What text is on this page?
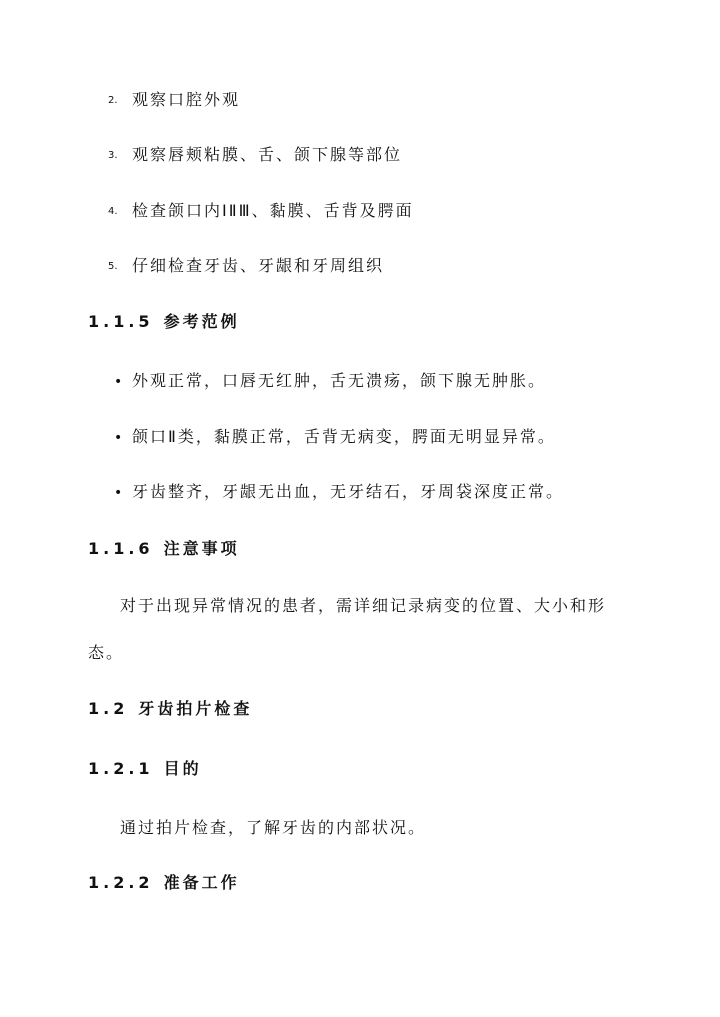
2. 观察口腔外观
3. 观察唇颊粘膜、舌、颌下腺等部位
4. 检查颌口内ⅠⅡⅢ、黏膜、舌背及腭面
5. 仔细检查牙齿、牙龈和牙周组织
1.1.5 参考范例
• 外观正常，口唇无红肿，舌无溃疡，颌下腺无肿胀。
• 颌口Ⅱ类，黏膜正常，舌背无病变，腭面无明显异常。
• 牙齿整齐，牙龈无出血，无牙结石，牙周袋深度正常。
1.1.6 注意事项
对于出现异常情况的患者，需详细记录病变的位置、大小和形
态。
1.2 牙齿拍片检查
1.2.1 目的
通过拍片检查，了解牙齿的内部状况。
1.2.2 准备工作
